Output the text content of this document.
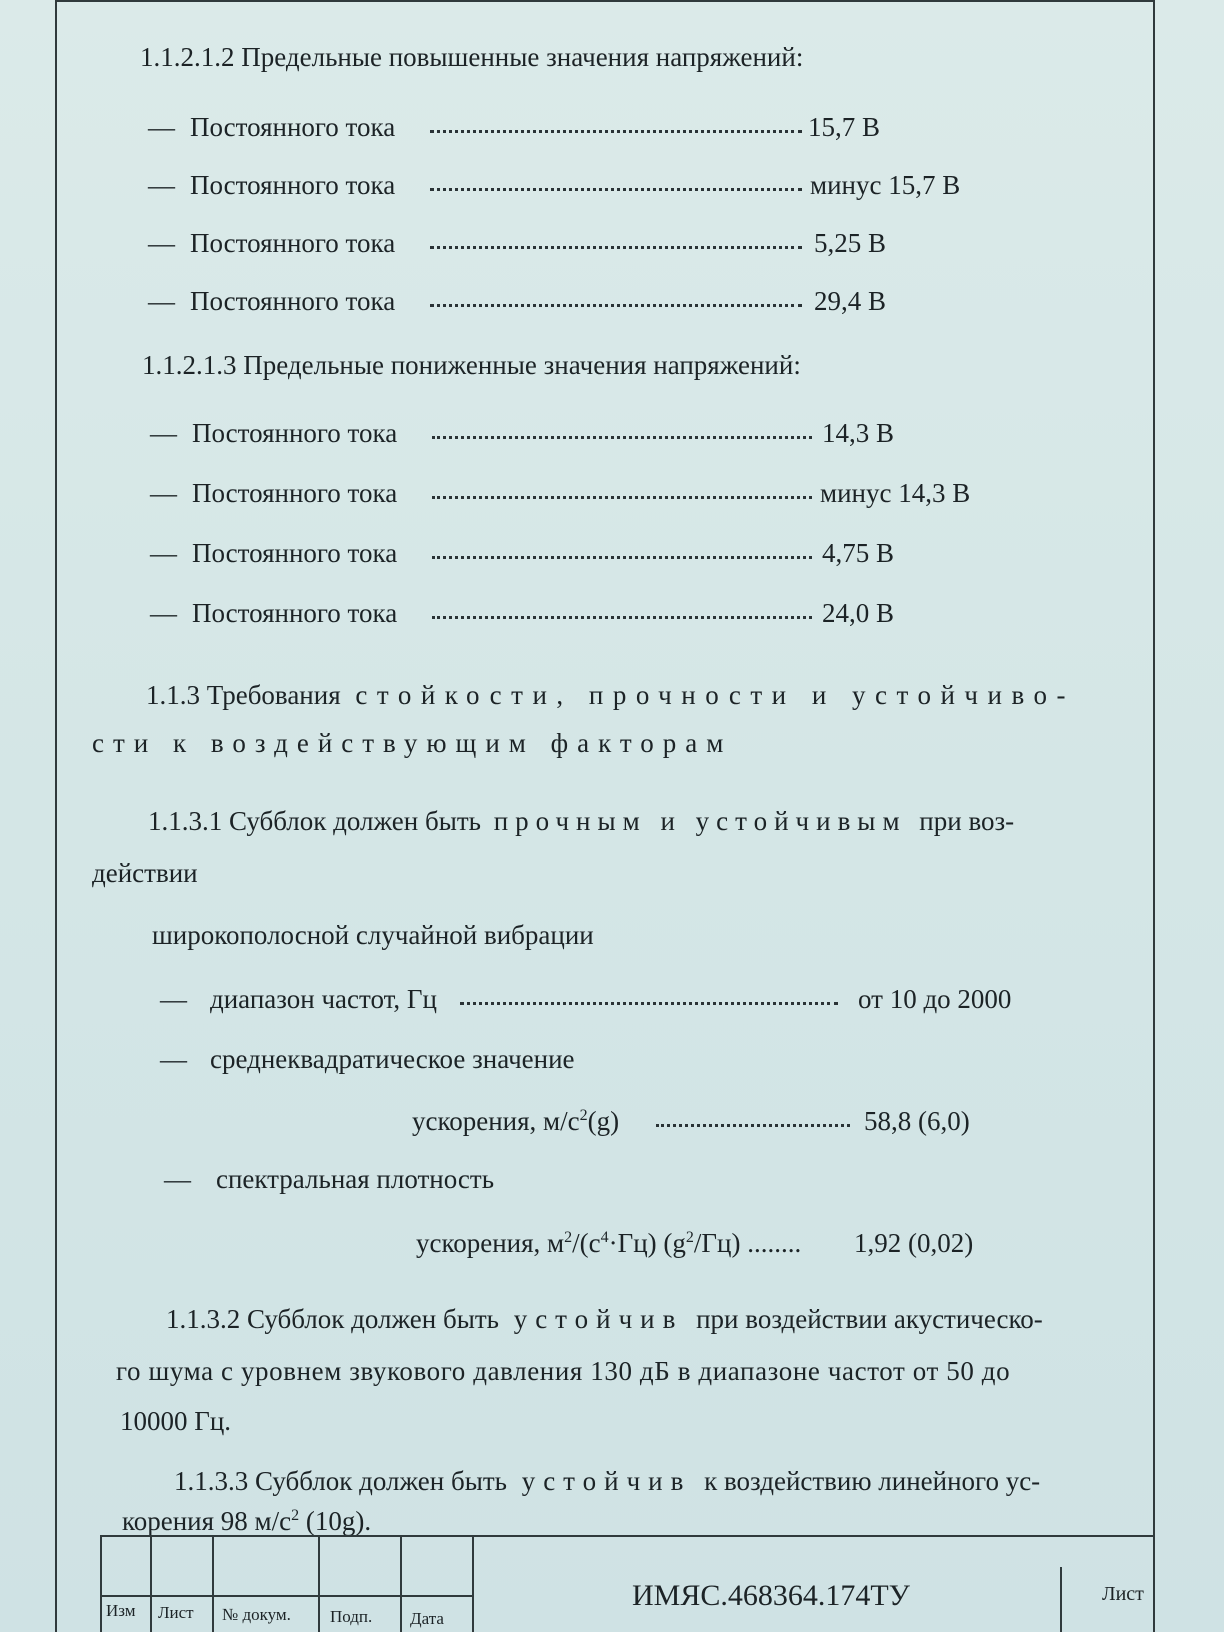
1.1.2.1.2 Предельные повышенные значения напряжений:
— Постоянного тока	15,7 В
— Постоянного тока	минус 15,7 В
— Постоянного тока	5,25 В
— Постоянного тока	29,4 В
1.1.2.1.3 Предельные пониженные значения напряжений:
— Постоянного тока	14,3 В
— Постоянного тока	минус 14,3 В
— Постоянного тока	4,75 В
— Постоянного тока	24,0 В
1.1.3 Требования стойкости, прочности и устойчиво-
сти к воздействующим факторам
1.1.3.1 Субблок должен быть прочным и устойчивым при воз-
действии
широкополосной случайной вибрации
— диапазон частот, Гц	от 10 до 2000
— среднеквадратическое значение
ускорения, $м/с^2(g)$	58,8 (6,0)
— спектральная плотность
ускорения, $м^2/(с^4\cdot Гц)$ $(g^2/Гц)$ ........ 1,92 (0,02)
1.1.3.2 Субблок должен быть устойчив при воздействии акустическо-
го шума с уровнем звукового давления 130 дБ в диапазоне частот от 50 до
10000 Гц.
1.1.3.3 Субблок должен быть устойчив к воздействию линейного ус-
корения 98 $м/с^2$ (10g).
Изм Лист № докум. Подп. Дата
ИМЯС.468364.174ТУ	Лист
